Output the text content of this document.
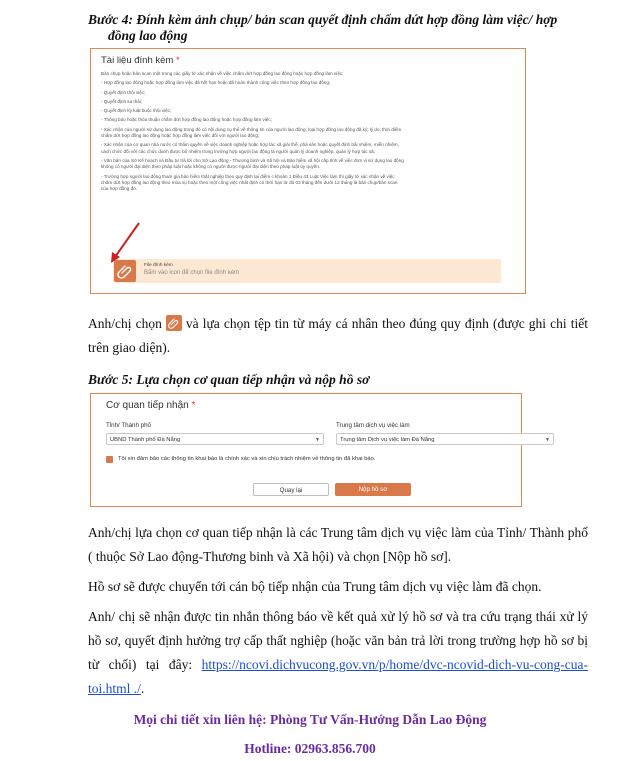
Bước 4: Đính kèm ảnh chụp/ bản scan quyết định chấm dứt hợp đồng làm việc/ hợp
đồng lao động
Tài liệu đính kèm *
Bản chụp hoặc bản scan một trong các giấy tờ xác nhận về việc chấm dứt hợp đồng lao động hoặc hợp đồng làm việc:
- Hợp đồng lao động hoặc hợp đồng làm việc đã hết hạn hoặc đã hoàn thành công việc theo hợp đồng lao động;
- Quyết định thôi việc;
- Quyết định sa thải;
- Quyết định kỷ luật buộc thôi việc;
- Thông báo hoặc thỏa thuận chấm dứt hợp đồng lao động hoặc hợp đồng làm việc;
- Xác nhận của người sử dụng lao động trong đó có nội dung cụ thể về thông tin của người lao động; loại hợp đồng lao động đã ký; lý do, thời điểm
chấm dứt hợp đồng lao động hoặc hợp đồng làm việc đối với người lao động;
- Xác nhận của cơ quan nhà nước có thẩm quyền về việc doanh nghiệp hoặc hợp tác xã giải thể, phá sản hoặc quyết định bãi nhiệm, miễn nhiệm,
cách chức đối với các chức danh được bổ nhiệm trong trường hợp người lao động là người quản lý doanh nghiệp, quản lý hợp tác xã;
- Văn bản của Sở Kế hoạch và Đầu tư trả lời cho Sở Lao động - Thương binh và Xã hội và Bảo hiểm xã hội cấp tỉnh về việc đơn vị sử dụng lao động
không có người đại diện theo pháp luật hoặc không có người được người đại diện theo pháp luật ủy quyền.
- Trường hợp người lao động tham gia bảo hiểm thất nghiệp theo quy định tại điểm c khoản 1 Điều 43 Luật Việc làm thì giấy tờ xác nhận về việc
chấm dứt hợp đồng lao động theo mùa vụ hoặc theo một công việc nhất định có thời hạn từ đủ 03 tháng đến dưới 12 tháng là bản chụp/bản scan
của hợp đồng đó.
File đính kèm
Bấm vào icon để chọn file đính kèm
Anh/chị chọn và lựa chọn tệp tin từ máy cá nhân theo đúng quy định (được ghi chi tiết trên giao diện).
Bước 5: Lựa chọn cơ quan tiếp nhận và nộp hồ sơ
Cơ quan tiếp nhận *
Tỉnh/ Thành phố
UBND Thành phố Đà Nẵng	▼
Trung tâm dịch vụ việc làm
Trung tâm Dịch vụ việc làm Đà Nẵng	▼
Tôi xin đảm bảo các thông tin khai báo là chính xác và xin chịu trách nhiệm về thông tin đã khai báo.
Quay lại	Nộp hồ sơ
Anh/chị lựa chọn cơ quan tiếp nhận là các Trung tâm dịch vụ việc làm của Tỉnh/ Thành phố ( thuộc Sở Lao động-Thương binh và Xã hội) và chọn [Nộp hồ sơ].
Hồ sơ sẽ được chuyển tới cán bộ tiếp nhận của Trung tâm dịch vụ việc làm đã chọn.
Anh/ chị sẽ nhận được tin nhắn thông báo về kết quả xử lý hồ sơ và tra cứu trạng thái xử lý hồ sơ, quyết định hưởng trợ cấp thất nghiệp (hoặc văn bản trả lời trong trường hợp hồ sơ bị từ chối) tại đây: https://ncovi.dichvucong.gov.vn/p/home/dvc-ncovid-dich-vu-cong-cua-toi.html ./.
Mọi chi tiết xin liên hệ: Phòng Tư Vấn-Hướng Dẫn Lao Động
Hotline: 02963.856.700
